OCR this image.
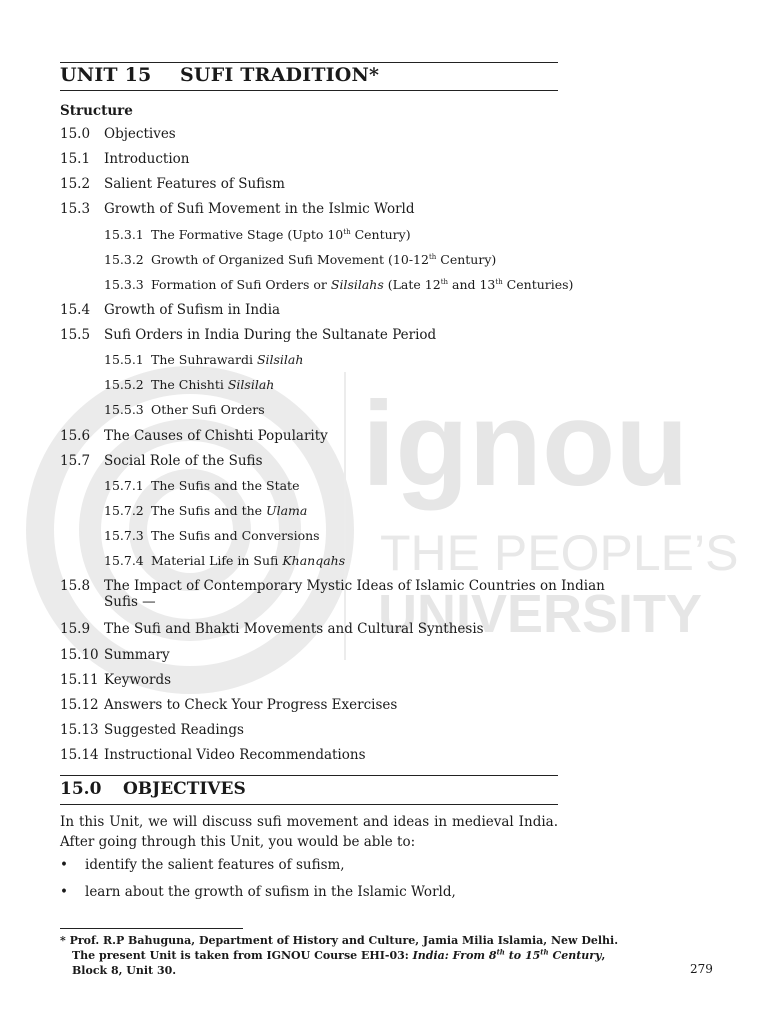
ignou
THE PEOPLE’S
UNIVERSITY
UNIT 15 SUFI TRADITION*
Structure
15.0 Objectives
15.1 Introduction
15.2 Salient Features of Sufism
15.3 Growth of Sufi Movement in the Islmic World
15.3.1 The Formative Stage (Upto 10th Century)
15.3.2 Growth of Organized Sufi Movement (10-12th Century)
15.3.3 Formation of Sufi Orders or Silsilahs (Late 12th and 13th Centuries)
15.4 Growth of Sufism in India
15.5 Sufi Orders in India During the Sultanate Period
15.5.1 The Suhrawardi Silsilah
15.5.2 The Chishti Silsilah
15.5.3 Other Sufi Orders
15.6 The Causes of Chishti Popularity
15.7 Social Role of the Sufis
15.7.1 The Sufis and the State
15.7.2 The Sufis and the Ulama
15.7.3 The Sufis and Conversions
15.7.4 Material Life in Sufi Khanqahs
15.8 The Impact of Contemporary Mystic Ideas of Islamic Countries on Indian
Sufis —
15.9 The Sufi and Bhakti Movements and Cultural Synthesis
15.10 Summary
15.11 Keywords
15.12 Answers to Check Your Progress Exercises
15.13 Suggested Readings
15.14 Instructional Video Recommendations
15.0 OBJECTIVES
In this Unit, we will discuss sufi movement and ideas in medieval India. After going through this Unit, you would be able to:
• identify the salient features of sufism,
• learn about the growth of sufism in the Islamic World,
* Prof. R.P Bahuguna, Department of History and Culture, Jamia Milia Islamia, New Delhi.
The present Unit is taken from IGNOU Course EHI-03: India: From 8th to 15th Century,
Block 8, Unit 30.	279
